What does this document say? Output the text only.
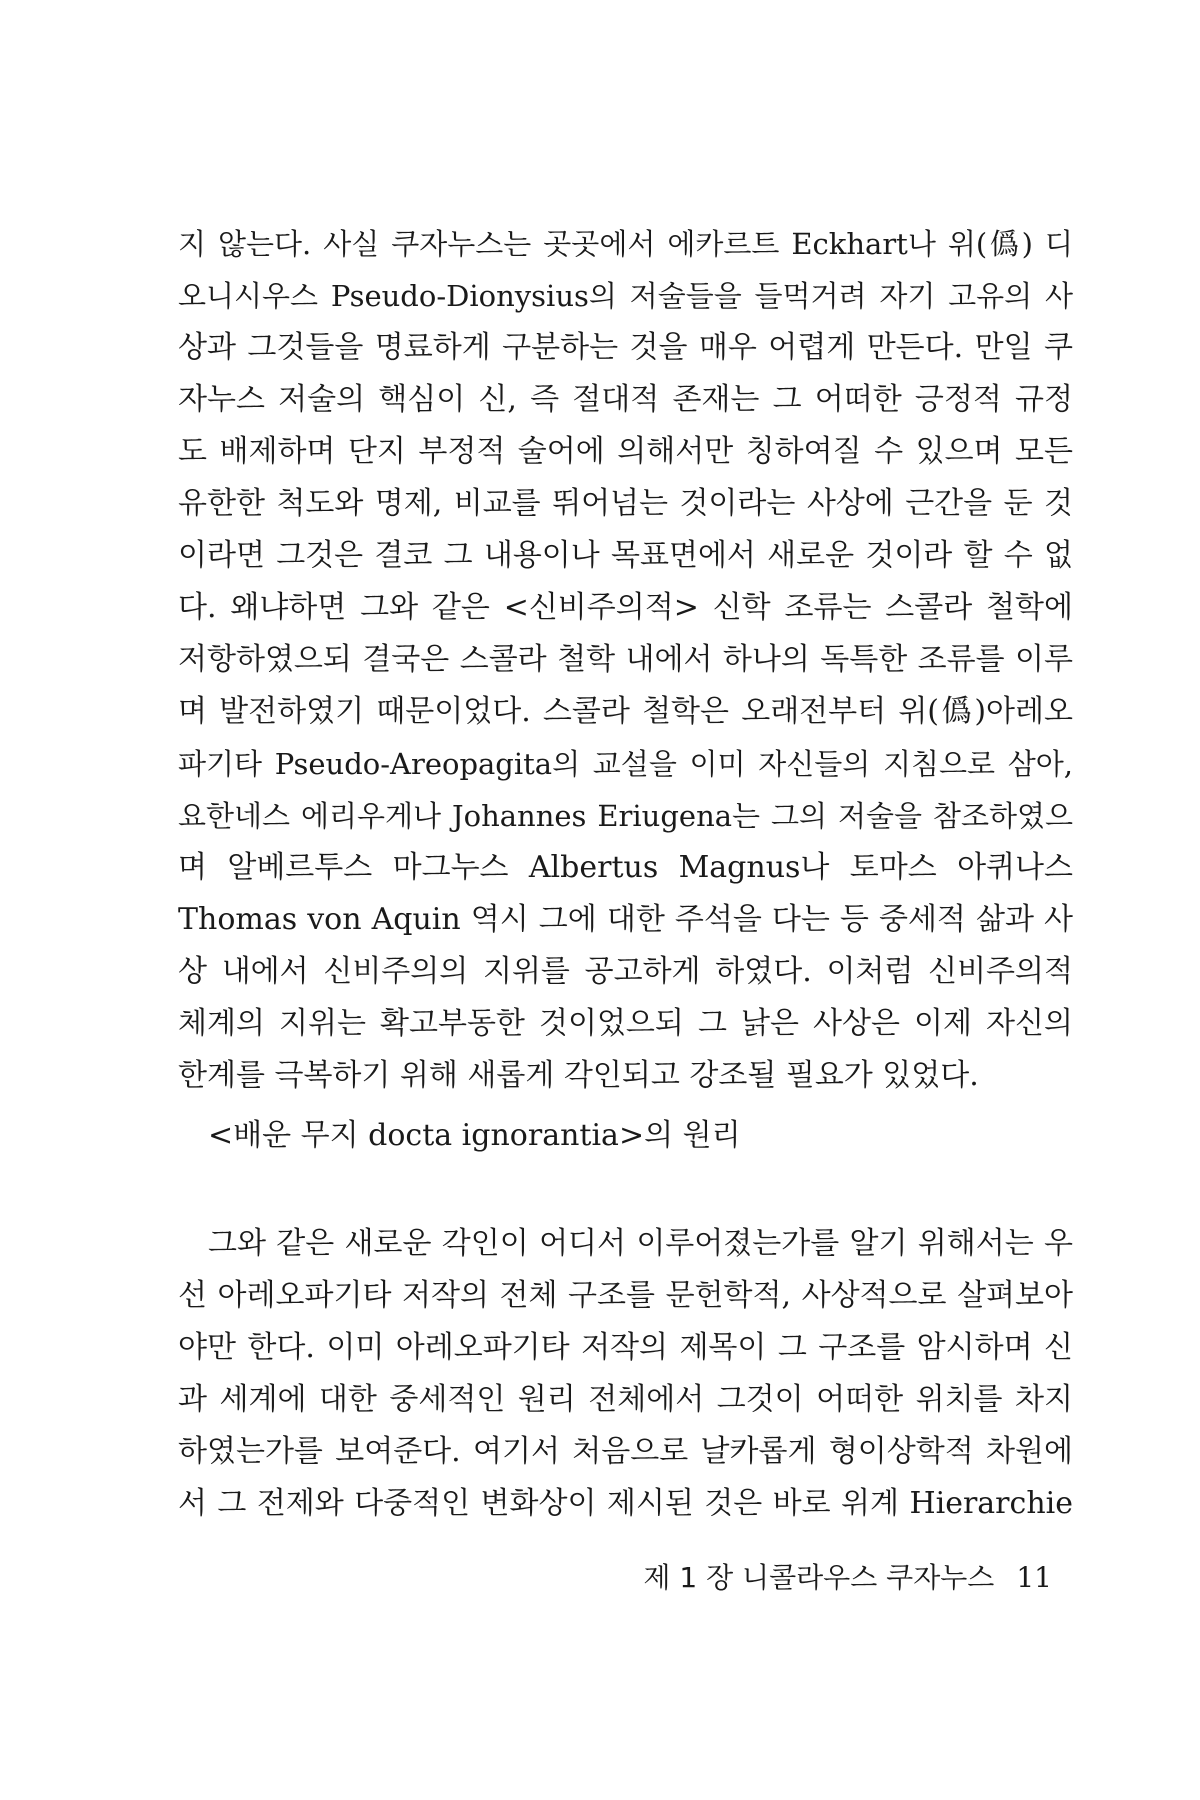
지 않는다. 사실 쿠자누스는 곳곳에서 에카르트 Eckhart나 위(僞) 디
오니시우스 Pseudo-Dionysius의 저술들을 들먹거려 자기 고유의 사
상과 그것들을 명료하게 구분하는 것을 매우 어렵게 만든다. 만일 쿠
자누스 저술의 핵심이 신, 즉 절대적 존재는 그 어떠한 긍정적 규정
도 배제하며 단지 부정적 술어에 의해서만 칭하여질 수 있으며 모든
유한한 척도와 명제, 비교를 뛰어넘는 것이라는 사상에 근간을 둔 것
이라면 그것은 결코 그 내용이나 목표면에서 새로운 것이라 할 수 없
다. 왜냐하면 그와 같은 <신비주의적> 신학 조류는 스콜라 철학에
저항하였으되 결국은 스콜라 철학 내에서 하나의 독특한 조류를 이루
며 발전하였기 때문이었다. 스콜라 철학은 오래전부터 위(僞)아레오
파기타 Pseudo-Areopagita의 교설을 이미 자신들의 지침으로 삼아,
요한네스 에리우게나 Johannes Eriugena는 그의 저술을 참조하였으
며 알베르투스 마그누스 Albertus Magnus나 토마스 아퀴나스
Thomas von Aquin 역시 그에 대한 주석을 다는 등 중세적 삶과 사
상 내에서 신비주의의 지위를 공고하게 하였다. 이처럼 신비주의적
체계의 지위는 확고부동한 것이었으되 그 낡은 사상은 이제 자신의
한계를 극복하기 위해 새롭게 각인되고 강조될 필요가 있었다.
<배운 무지 docta ignorantia>의 원리
그와 같은 새로운 각인이 어디서 이루어졌는가를 알기 위해서는 우
선 아레오파기타 저작의 전체 구조를 문헌학적, 사상적으로 살펴보아
야만 한다. 이미 아레오파기타 저작의 제목이 그 구조를 암시하며 신
과 세계에 대한 중세적인 원리 전체에서 그것이 어떠한 위치를 차지
하였는가를 보여준다. 여기서 처음으로 날카롭게 형이상학적 차원에
서 그 전제와 다중적인 변화상이 제시된 것은 바로 위계 Hierarchie
제 1 장 니콜라우스 쿠자누스 11
